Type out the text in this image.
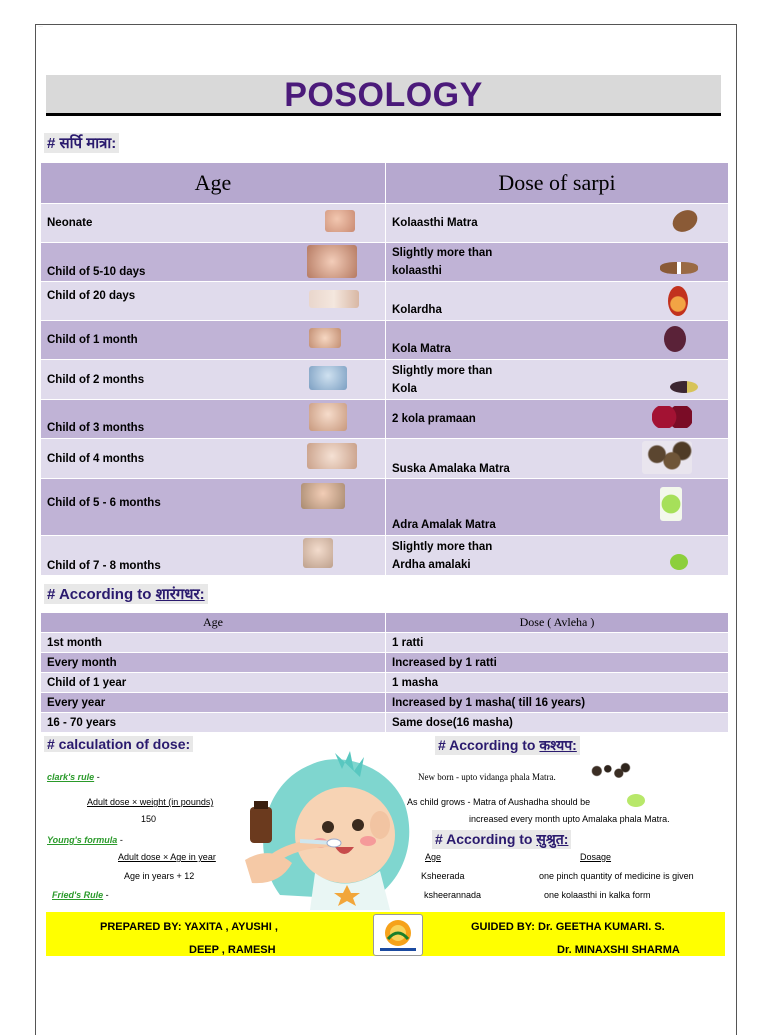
......
POSOLOGY
# सर्पि मात्रा:
Age	Dose of sarpi
Neonate	Kolaasthi Matra

Child of 5-10 days	Slightly more than
kolaasthi

Child of 20 days	Kolardha

Child of 1 month	Kola Matra

Child of 2 months	Slightly more than
Kola

Child of 3 months	2 kola pramaan

Child of 4 months	Suska Amalaka Matra

Child of 5 - 6 months	Adra Amalak Matra

Child of 7 - 8 months	Slightly more than
Ardha amalaki
# According to शारंगधर:
Age	Dose ( Avleha )
1st month	1 ratti
Every month	Increased by 1 ratti
Child of 1 year	1 masha
Every year	Increased by 1 masha( till 16 years)
16 - 70 years	Same dose(16 masha)
# calculation of dose:
clark's rule -
Adult dose × weight (in pounds)
150
Young's formula -
Adult dose × Age in year
Age in years + 12
Fried's Rule -
# According to कश्यप:
New born - upto vidanga phala Matra.
As child grows - Matra of Aushadha should be
increased every month upto Amalaka phala Matra.
# According to सुश्रुत:
Age	Dosage
Ksheerada	one pinch quantity of medicine is given
ksheerannada	one kolaasthi in kalka form
PREPARED BY: YAXITA , AYUSHI ,
DEEP , RAMESH
GUIDED BY: Dr. GEETHA KUMARI. S.
Dr. MINAXSHI SHARMA
